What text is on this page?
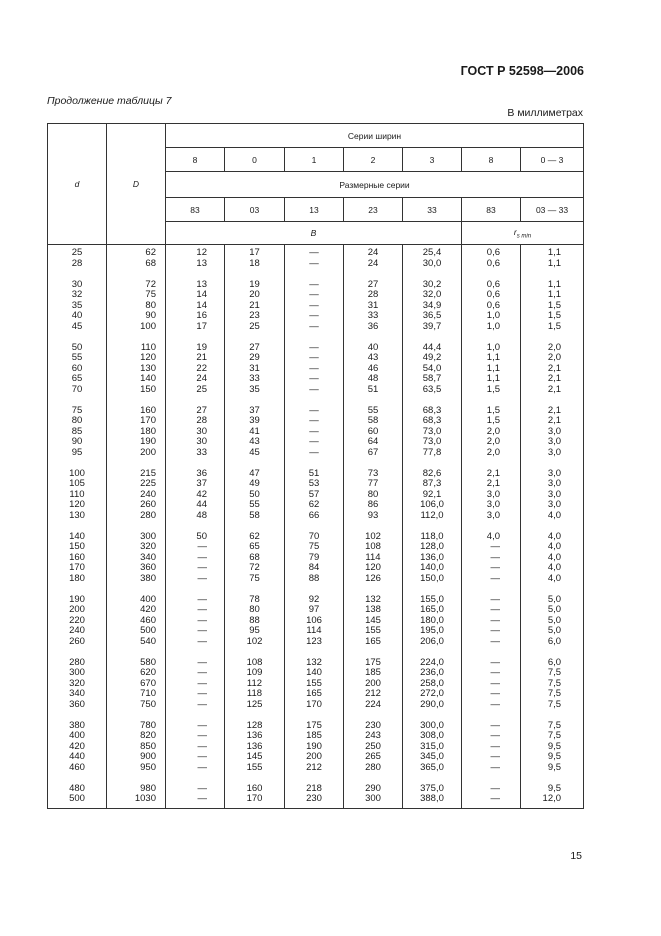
ГОСТ Р 52598—2006
Продолжение таблицы 7
В миллиметрах
d	D	Серии ширин						
		8	0	1	2	3	8	0 — 3
		Размерные серии						
		83	03	13	23	33	83	03 — 33
		B					$r_{s min}$
25	62	12	17	—	24	25,4	0,6	1,1
28	68	13	18	—	24	30,0	0,6	1,1

30	72	13	19	—	27	30,2	0,6	1,1
32	75	14	20	—	28	32,0	0,6	1,1
35	80	14	21	—	31	34,9	0,6	1,5
40	90	16	23	—	33	36,5	1,0	1,5
45	100	17	25	—	36	39,7	1,0	1,5

50	110	19	27	—	40	44,4	1,0	2,0
55	120	21	29	—	43	49,2	1,1	2,0
60	130	22	31	—	46	54,0	1,1	2,1
65	140	24	33	—	48	58,7	1,1	2,1
70	150	25	35	—	51	63,5	1,5	2,1

75	160	27	37	—	55	68,3	1,5	2,1
80	170	28	39	—	58	68,3	1,5	2,1
85	180	30	41	—	60	73,0	2,0	3,0
90	190	30	43	—	64	73,0	2,0	3,0
95	200	33	45	—	67	77,8	2,0	3,0

100	215	36	47	51	73	82,6	2,1	3,0
105	225	37	49	53	77	87,3	2,1	3,0
110	240	42	50	57	80	92,1	3,0	3,0
120	260	44	55	62	86	106,0	3,0	3,0
130	280	48	58	66	93	112,0	3,0	4,0

140	300	50	62	70	102	118,0	4,0	4,0
150	320	—	65	75	108	128,0	—	4,0
160	340	—	68	79	114	136,0	—	4,0
170	360	—	72	84	120	140,0	—	4,0
180	380	—	75	88	126	150,0	—	4,0

190	400	—	78	92	132	155,0	—	5,0
200	420	—	80	97	138	165,0	—	5,0
220	460	—	88	106	145	180,0	—	5,0
240	500	—	95	114	155	195,0	—	5,0
260	540	—	102	123	165	206,0	—	6,0

280	580	—	108	132	175	224,0	—	6,0
300	620	—	109	140	185	236,0	—	7,5
320	670	—	112	155	200	258,0	—	7,5
340	710	—	118	165	212	272,0	—	7,5
360	750	—	125	170	224	290,0	—	7,5

380	780	—	128	175	230	300,0	—	7,5
400	820	—	136	185	243	308,0	—	7,5
420	850	—	136	190	250	315,0	—	9,5
440	900	—	145	200	265	345,0	—	9,5
460	950	—	155	212	280	365,0	—	9,5

480	980	—	160	218	290	375,0	—	9,5
500	1030	—	170	230	300	388,0	—	12,0
15
